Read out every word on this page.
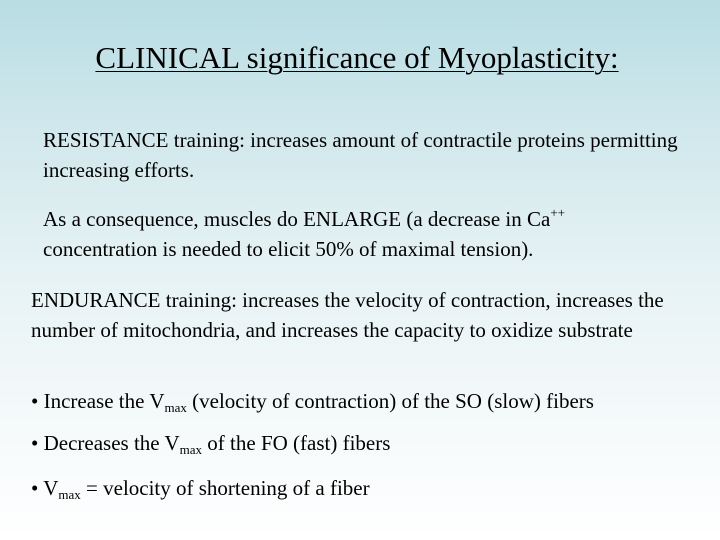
CLINICAL significance of Myoplasticity:

RESISTANCE training: increases amount of contractile proteins permitting increasing efforts.

As a consequence, muscles do ENLARGE (a decrease in Ca++ concentration is needed to elicit 50% of maximal tension).

ENDURANCE training: increases the velocity of contraction, increases the number of mitochondria, and increases the capacity to oxidize substrate

• Increase the $V_{max}$ (velocity of contraction) of the SO (slow) fibers

• Decreases the $V_{max}$ of the FO (fast) fibers

• $V_{max}$ = velocity of shortening of a fiber
